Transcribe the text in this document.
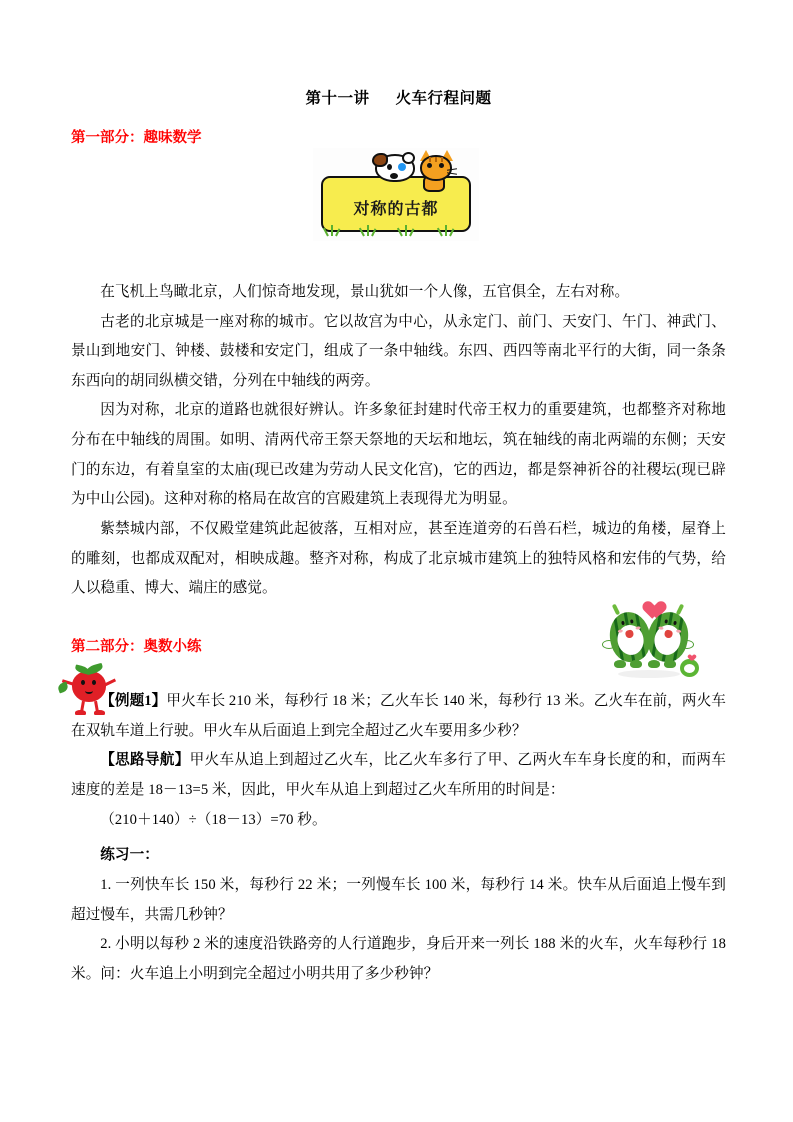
第十一讲 火车行程问题
第一部分：趣味数学

在飞机上鸟瞰北京，人们惊奇地发现，景山犹如一个人像，五官俱全，左右对称。

古老的北京城是一座对称的城市。它以故宫为中心，从永定门、前门、天安门、午门、神武门、景山到地安门、钟楼、鼓楼和安定门，组成了一条中轴线。东四、西四等南北平行的大街，同一条条东西向的胡同纵横交错，分列在中轴线的两旁。

因为对称，北京的道路也就很好辨认。许多象征封建时代帝王权力的重要建筑，也都整齐对称地分布在中轴线的周围。如明、清两代帝王祭天祭地的天坛和地坛，筑在轴线的南北两端的东侧；天安门的东边，有着皇室的太庙(现已改建为劳动人民文化宫)，它的西边，都是祭神祈谷的社稷坛(现已辟为中山公园)。这种对称的格局在故宫的宫殿建筑上表现得尤为明显。

紫禁城内部，不仅殿堂建筑此起彼落，互相对应，甚至连道旁的石兽石栏，城边的角楼，屋脊上的雕刻，也都成双配对，相映成趣。整齐对称，构成了北京城市建筑上的独特风格和宏伟的气势，给人以稳重、博大、端庄的感觉。

第二部分：奥数小练

【例题1】甲火车长 210 米，每秒行 18 米；乙火车长 140 米，每秒行 13 米。乙火车在前，两火车在双轨车道上行驶。甲火车从后面追上到完全超过乙火车要用多少秒？

【思路导航】甲火车从追上到超过乙火车，比乙火车多行了甲、乙两火车车身长度的和，而两车速度的差是 18－13=5 米，因此，甲火车从追上到超过乙火车所用的时间是：

（210＋140）÷（18－13）=70 秒。

练习一：

1. 一列快车长 150 米，每秒行 22 米；一列慢车长 100 米，每秒行 14 米。快车从后面追上慢车到超过慢车，共需几秒钟？

2. 小明以每秒 2 米的速度沿铁路旁的人行道跑步，身后开来一列长 188 米的火车，火车每秒行 18 米。问：火车追上小明到完全超过小明共用了多少秒钟？

对称的古都
